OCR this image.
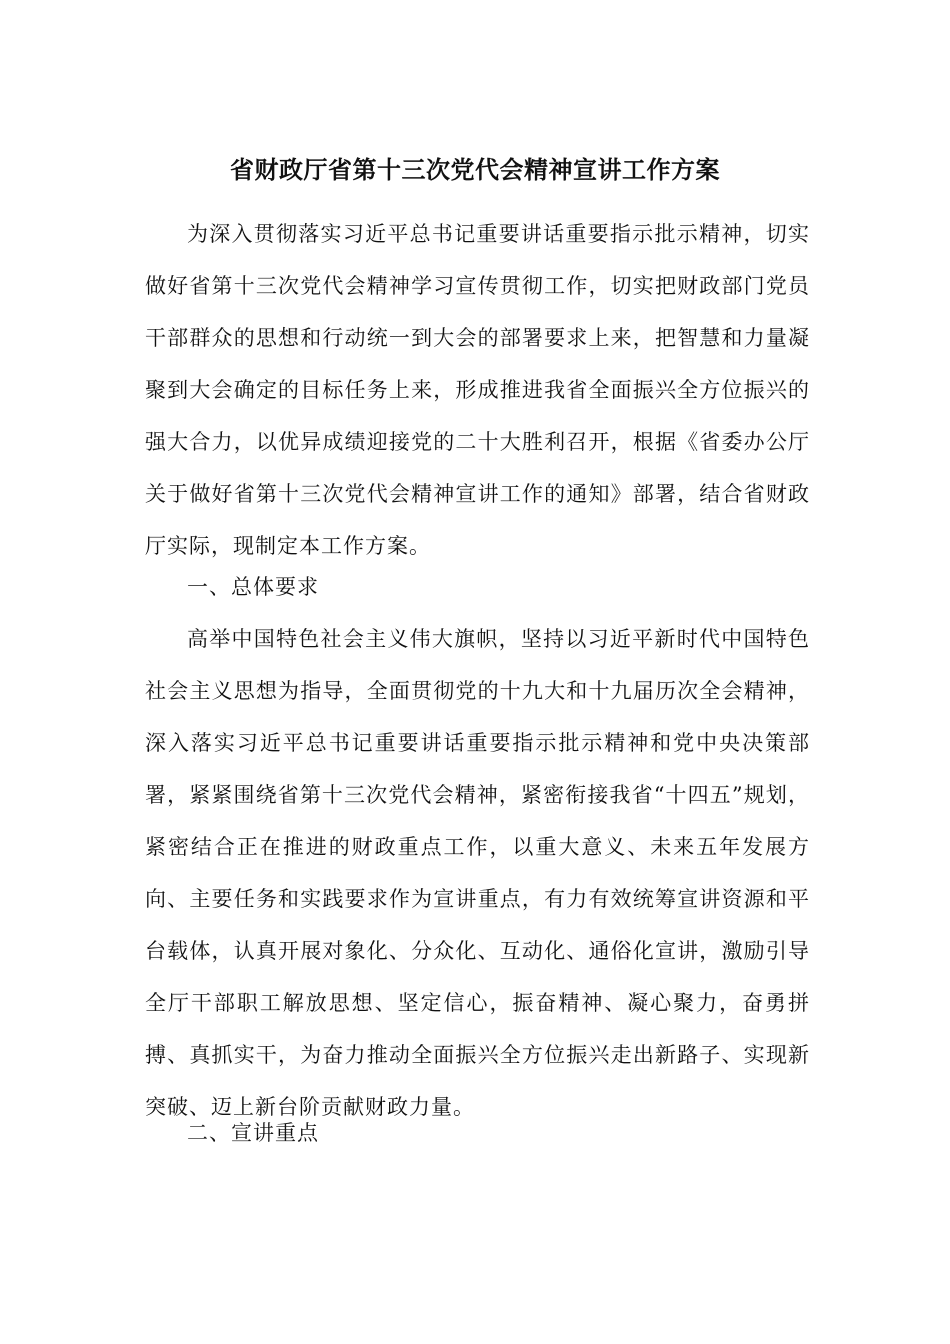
省财政厅省第十三次党代会精神宣讲工作方案

为深入贯彻落实习近平总书记重要讲话重要指示批示精神，切实做好省第十三次党代会精神学习宣传贯彻工作，切实把财政部门党员干部群众的思想和行动统一到大会的部署要求上来，把智慧和力量凝聚到大会确定的目标任务上来，形成推进我省全面振兴全方位振兴的强大合力，以优异成绩迎接党的二十大胜利召开，根据《省委办公厅关于做好省第十三次党代会精神宣讲工作的通知》部署，结合省财政厅实际，现制定本工作方案。

一、总体要求

高举中国特色社会主义伟大旗帜，坚持以习近平新时代中国特色社会主义思想为指导，全面贯彻党的十九大和十九届历次全会精神，深入落实习近平总书记重要讲话重要指示批示精神和党中央决策部署，紧紧围绕省第十三次党代会精神，紧密衔接我省“十四五”规划，紧密结合正在推进的财政重点工作，以重大意义、未来五年发展方向、主要任务和实践要求作为宣讲重点，有力有效统筹宣讲资源和平台载体，认真开展对象化、分众化、互动化、通俗化宣讲，激励引导全厅干部职工解放思想、坚定信心，振奋精神、凝心聚力，奋勇拼搏、真抓实干，为奋力推动全面振兴全方位振兴走出新路子、实现新突破、迈上新台阶贡献财政力量。

二、宣讲重点
